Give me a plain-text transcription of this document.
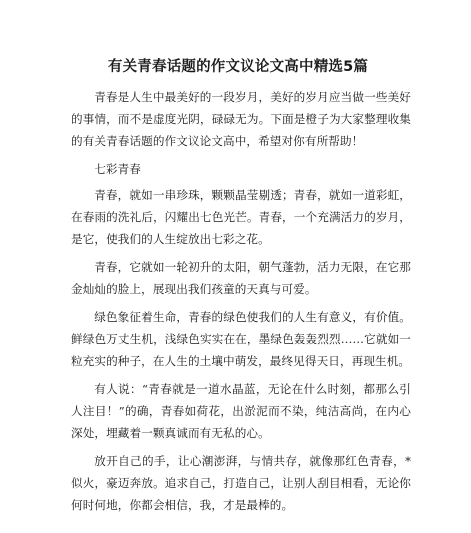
有关青春话题的作文议论文高中精选5篇

青春是人生中最美好的一段岁月，美好的岁月应当做一些美好的事情，而不是虚度光阴，碌碌无为。下面是橙子为大家整理收集的有关青春话题的作文议论文高中，希望对你有所帮助！

七彩青春

青春，就如一串珍珠，颗颗晶莹剔透；青春，就如一道彩虹，在春雨的洗礼后，闪耀出七色光芒。青春，一个充满活力的岁月，是它，使我们的人生绽放出七彩之花。

青春，它就如一轮初升的太阳，朝气蓬勃，活力无限，在它那金灿灿的脸上，展现出我们孩童的天真与可爱。

绿色象征着生命，青春的绿色使我们的人生有意义，有价值。鲜绿色万丈生机，浅绿色实实在在，墨绿色轰轰烈烈……它就如一粒充实的种子，在人生的土壤中萌发，最终见得天日，再现生机。

有人说：“青春就是一道水晶蓝，无论在什么时刻，都那么引人注目！”的确，青春如荷花，出淤泥而不染，纯洁高尚，在内心深处，埋藏着一颗真诚而有无私的心。

放开自己的手，让心潮澎湃，与情共存，就像那红色青春，*似火，豪迈奔放。追求自己，打造自己，让别人刮目相看，无论你何时何地，你都会相信，我，才是最棒的。
